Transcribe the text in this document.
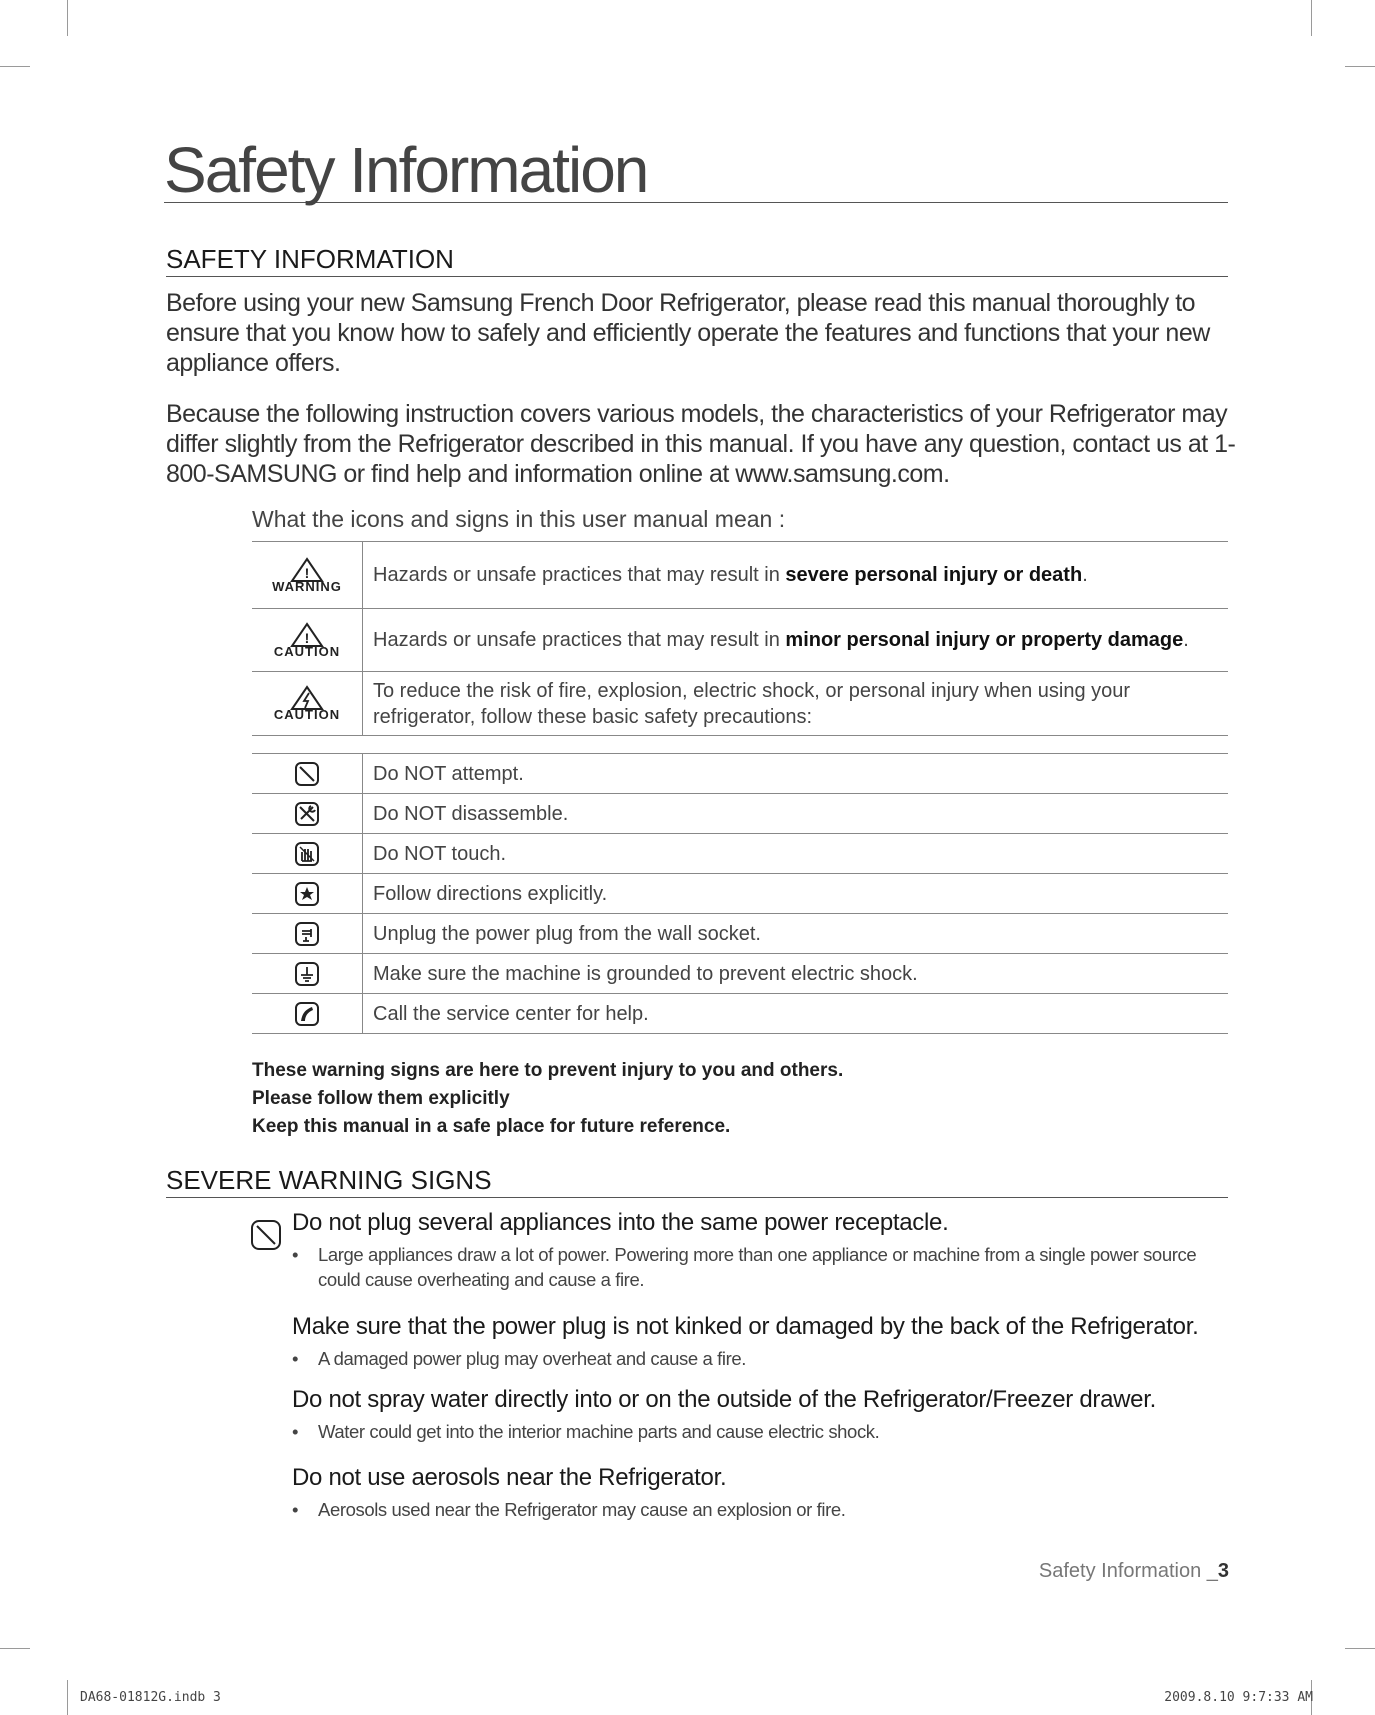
Safety Information
SAFETY INFORMATION
Before using your new Samsung French Door Refrigerator, please read this manual thoroughly to ensure that you know how to safely and efficiently operate the features and functions that your new appliance offers.
Because the following instruction covers various models, the characteristics of your Refrigerator may differ slightly from the Refrigerator described in this manual. If you have any question, contact us at 1-800-SAMSUNG or find help and information online at www.samsung.com.
What the icons and signs in this user manual mean :
!
WARNING Hazards or unsafe practices that may result in severe personal injury or death.
!
CAUTION Hazards or unsafe practices that may result in minor personal injury or property damage.
CAUTION
To reduce the risk of fire, explosion, electric shock, or personal injury when using your refrigerator, follow these basic safety precautions:
Do NOT attempt.
Do NOT disassemble.
Do NOT touch.
Follow directions explicitly.
Unplug the power plug from the wall socket.
Make sure the machine is grounded to prevent electric shock.
Call the service center for help.
These warning signs are here to prevent injury to you and others.
Please follow them explicitly
Keep this manual in a safe place for future reference.
SEVERE WARNING SIGNS
Do not plug several appliances into the same power receptacle.
•	Large appliances draw a lot of power. Powering more than one appliance or machine from a single power source could cause overheating and cause a fire.
Make sure that the power plug is not kinked or damaged by the back of the Refrigerator.
•	A damaged power plug may overheat and cause a fire.
Do not spray water directly into or on the outside of the Refrigerator/Freezer drawer.
•	Water could get into the interior machine parts and cause electric shock.
Do not use aerosols near the Refrigerator.
•	Aerosols used near the Refrigerator may cause an explosion or fire.
Safety Information _3
DA68-01812G.indb 3	2009.8.10 9:7:33 AM
